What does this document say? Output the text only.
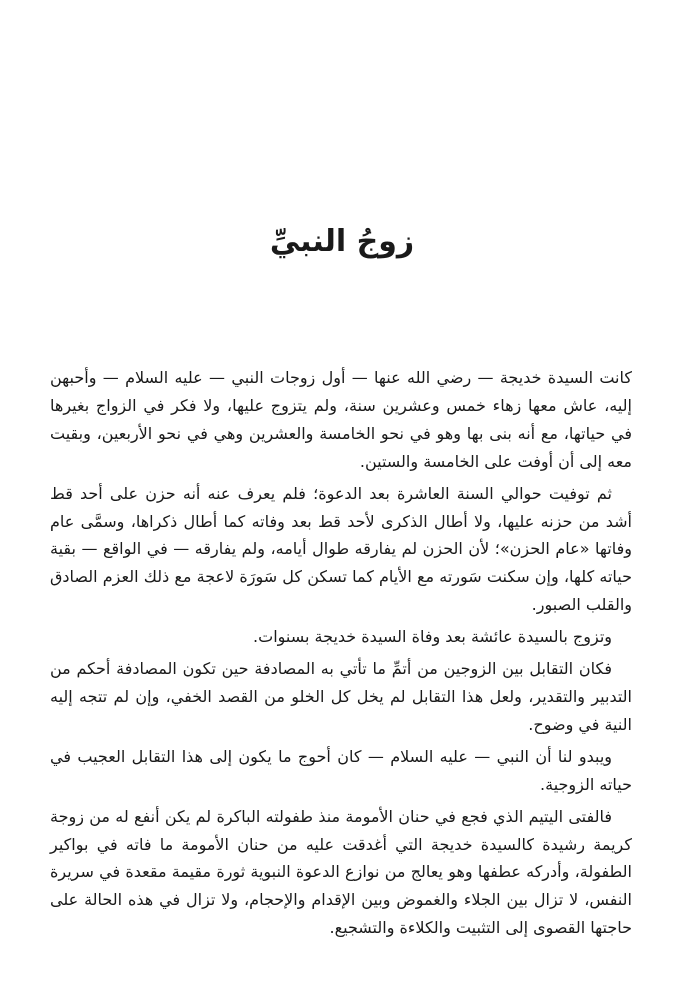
زوجُ النبيِّ

كانت السيدة خديجة — رضي الله عنها — أول زوجات النبي — عليه السلام — وأحبهن إليه، عاش معها زهاء خمس وعشرين سنة، ولم يتزوج عليها، ولا فكر في الزواج بغيرها في حياتها، مع أنه بنى بها وهو في نحو الخامسة والعشرين وهي في نحو الأربعين، وبقيت معه إلى أن أوفت على الخامسة والستين.

ثم توفيت حوالي السنة العاشرة بعد الدعوة؛ فلم يعرف عنه أنه حزن على أحد قط أشد من حزنه عليها، ولا أطال الذكرى لأحد قط بعد وفاته كما أطال ذكراها، وسمَّى عام وفاتها «عام الحزن»؛ لأن الحزن لم يفارقه طوال أيامه، ولم يفارقه — في الواقع — بقية حياته كلها، وإن سكنت سَورته مع الأيام كما تسكن كل سَورَة لاعجة مع ذلك العزم الصادق والقلب الصبور.

وتزوج بالسيدة عائشة بعد وفاة السيدة خديجة بسنوات.

فكان التقابل بين الزوجين من أتمِّ ما تأتي به المصادفة حين تكون المصادفة أحكم من التدبير والتقدير، ولعل هذا التقابل لم يخل كل الخلو من القصد الخفي، وإن لم تتجه إليه النية في وضوح.

ويبدو لنا أن النبي — عليه السلام — كان أحوج ما يكون إلى هذا التقابل العجيب في حياته الزوجية.

فالفتى اليتيم الذي فجع في حنان الأمومة منذ طفولته الباكرة لم يكن أنفع له من زوجة كريمة رشيدة كالسيدة خديجة التي أغدقت عليه من حنان الأمومة ما فاته في بواكير الطفولة، وأدركه عطفها وهو يعالج من نوازع الدعوة النبوية ثورة مقيمة مقعدة في سريرة النفس، لا تزال بين الجلاء والغموض وبين الإقدام والإحجام، ولا تزال في هذه الحالة على حاجتها القصوى إلى التثبيت والكلاءة والتشجيع.
